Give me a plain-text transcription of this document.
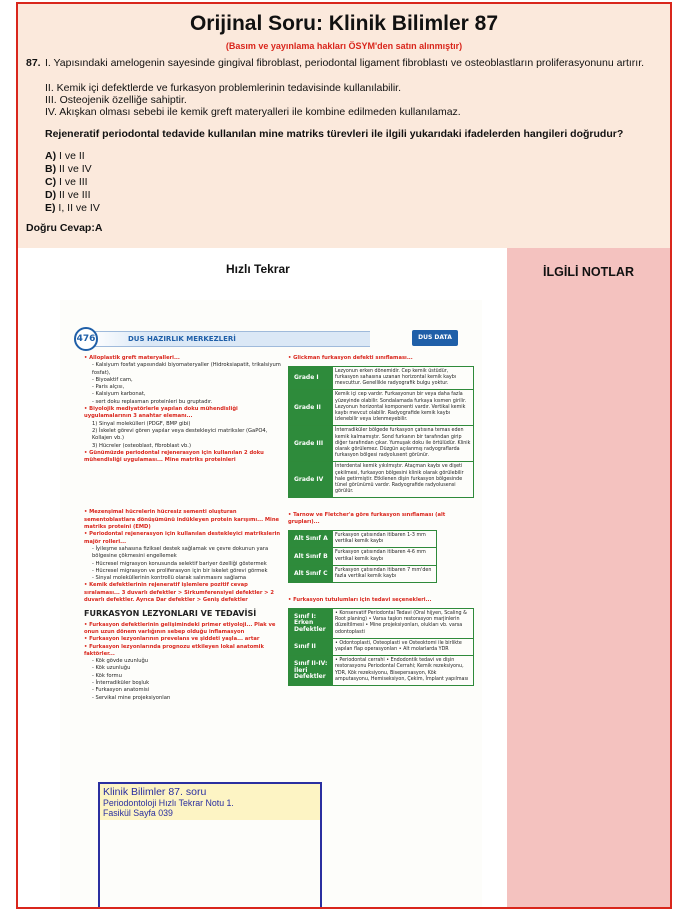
Orijinal Soru: Klinik Bilimler 87
(Basım ve yayınlama hakları ÖSYM'den satın alınmıştır)
87. I. Yapısındaki amelogenin sayesinde gingival fibroblast, periodontal ligament fibroblastı ve osteoblastların proliferasyonunu artırır.
II. Kemik içi defektlerde ve furkasyon problemlerinin tedavisinde kullanılabilir.
III. Osteojenik özelliğe sahiptir.
IV. Akışkan olması sebebi ile kemik greft materyalleri ile kombine edilmeden kullanılamaz.
Rejeneratif periodontal tedavide kullanılan mine matriks türevleri ile ilgili yukarıdaki ifadelerden hangileri doğrudur?
A) I ve II
B) II ve IV
C) I ve III
D) II ve III
E) I, II ve IV
Doğru Cevap:A
Hızlı Tekrar	İLGİLİ NOTLAR
DUS HAZIRLIK MERKEZLERİ
476	DUS DATA
• Alloplastik greft materyalleri...
- Kalsiyum fosfat yapısındaki biyomateryaller (Hidroksiapatit, trikalsiyum fosfat),
- Biyoaktif cam,
- Paris alçısı,
- Kalsiyum karbonat,
- sert doku replasman proteinleri bu gruptadır.
• Biyolojik mediyatörlerle yapılan doku mühendisliği uygulamalarının 3 anahtar elemanı...
1) Sinyal molekülleri (PDGF, BMP gibi)
2) İskelet görevi gören yapılar veya destekleyici matriksler (GaPO4, Kollajen vb.)
3) Hücreler (osteoblast, fibroblast vb.)
• Günümüzde periodontal rejenerasyon için kullanılan 2 doku mühendisliği uygulaması... Mine matriks proteinleri
• Mezenşimal hücrelerin hücresiz sementi oluşturan sementoblastlara dönüşümünü indükleyen protein karışımı... Mine matriks proteini (EMD)
• Periodontal rejenerasyon için kullanılan destekleyici matrikslerin majör rolleri...
- İyileşme sahasına fiziksel destek sağlamak ve çevre dokunun yara bölgesine çökmesini engellemek
- Hücresel migrasyon konusunda selektif bariyer özelliği göstermek
- Hücresel migrasyon ve proliferasyon için bir iskelet görevi görmek
- Sinyal moleküllerinin kontrollü olarak salınmasını sağlama
• Kemik defektlerinin rejeneratif işlemlere pozitif cevap sıralaması... 3 duvarlı defektler > Sirkumferensiyel defektler > 2 duvarlı defektler. Ayrıca Dar defektler > Geniş defektler
FURKASYON LEZYONLARI VE TEDAVİSİ
• Furkasyon defektlerinin gelişimindeki primer etiyoloji... Plak ve onun uzun dönem varlığının sebep olduğu inflamasyon
• Furkasyon lezyonlarının prevelans ve şiddeti yaşla... artar
• Furkasyon lezyonlarında prognozu etkileyen lokal anatomik faktörler...
- Kök gövde uzunluğu
- Kök uzunluğu
- Kök formu
- İnterradiküler boşluk
- Furkasyon anatomisi
- Servikal mine projeksiyonları
• Glickman furkasyon defekti sınıflaması...
Grade I	Lezyonun erken dönemidir. Cep kemik üstüdür, furkasyon sahasına uzanan horizontal kemik kaybı mevcuttur. Genellikle radyografik bulgu yoktur.
Grade II	Kemik içi cep vardır. Furkasyonun bir veya daha fazla yüzeyinde olabilir. Sondalamada furkaya kısmen girilir. Lezyonun horizontal komponenti vardır. Vertikal kemik kaybı mevcut olabilir. Radyografide kemik kaybı izlenebilir veya izlenmeyebilir.
Grade III	İnterradiküler bölgede furkasyon çatısına temas eden kemik kalmamıştır. Sond furkanın bir tarafından girip diğer tarafından çıkar. Yumuşak doku ile örtülüdür. Klinik olarak görülemez. Düzgün açılanmış radyograflarda furkasyon bölgesi radyolusent görünür.
Grade IV	İnterdental kemik yıkılmıştır. Ataçman kaybı ve dişeti çekilmesi, furkasyon bölgesini klinik olarak görülebilir hale getirmiştir. Etkilenen dişin furkasyon bölgesinde tünel görünümü vardır. Radyografide radyolusensi görülür.
• Tarnow ve Fletcher'a göre furkasyon sınıflaması (alt grupları)...
Alt Sınıf A	Furkasyon çatısından itibaren 1-3 mm vertikal kemik kaybı
Alt Sınıf B	Furkasyon çatısından itibaren 4-6 mm vertikal kemik kaybı
Alt Sınıf C	Furkasyon çatısından itibaren 7 mm'den fazla vertikal kemik kaybı
• Furkasyon tutulumları için tedavi seçenekleri...
Sınıf I: Erken Defektler	• Konservatif Periodontal Tedavi (Oral hijyen, Scaling & Root planing) • Varsa taşkın restorasyon marjinlerin düzeltilmesi • Mine projeksiyonları, olukları vb. varsa odontoplasti
Sınıf II	• Odontoplasti, Osteoplasti ve Osteoktomi ile birlikte yapılan flap operasyonları • Alt molarlarda YDR
Sınıf II-IV: İleri Defektler	• Periodontal cerrahi • Endodontik tedavi ve dişin restorasyonu Periodontal Cerrahi; Kemik rezeksiyonu, YDR, Kök rezeksiyonu, Bisepersasyon, Kök amputasyonu, Hemiseksiyon, Çekim, İmplant yapılması
Klinik Bilimler 87. soru
Periodontoloji Hızlı Tekrar Notu 1.
Fasikül Sayfa 039
